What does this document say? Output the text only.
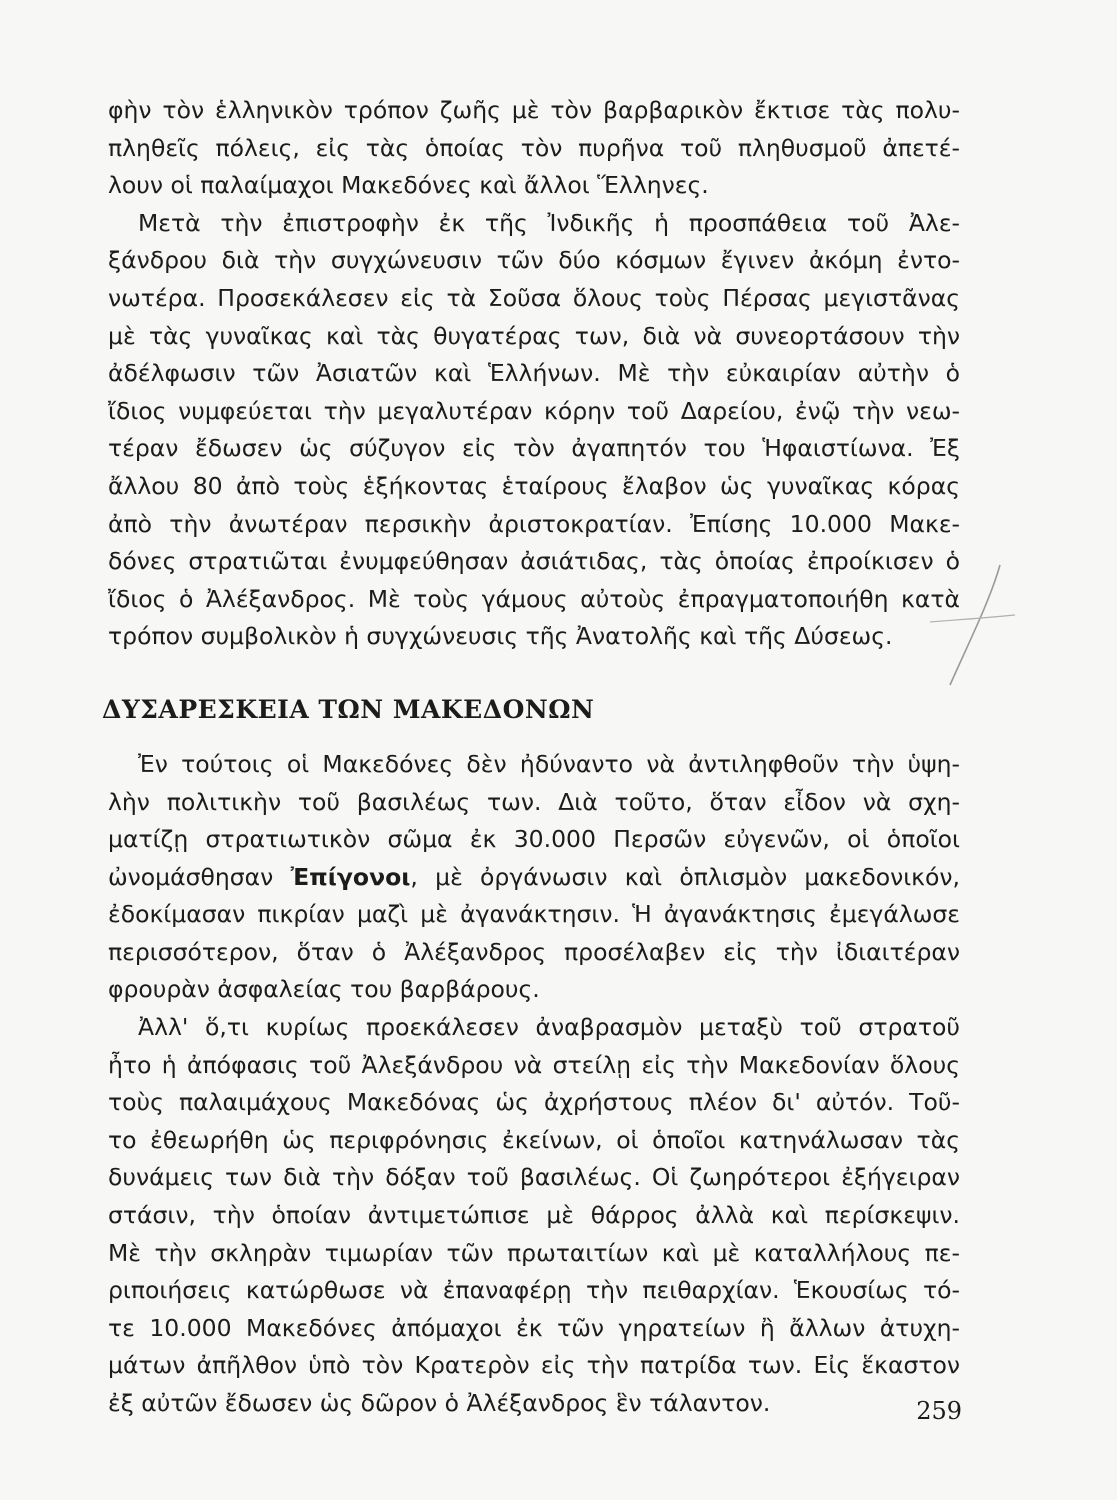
φὴν τὸν ἑλληνικὸν τρόπον ζωῆς μὲ τὸν βαρβαρικὸν ἔκτισε τὰς πολυ-
πληθεῖς πόλεις, εἰς τὰς ὁποίας τὸν πυρῆνα τοῦ πληθυσμοῦ ἀπετέ-
λουν οἱ παλαίμαχοι Μακεδόνες καὶ ἄλλοι Ἕλληνες.
Μετὰ τὴν ἐπιστροφὴν ἐκ τῆς Ἰνδικῆς ἡ προσπάθεια τοῦ Ἀλε-
ξάνδρου διὰ τὴν συγχώνευσιν τῶν δύο κόσμων ἔγινεν ἀκόμη ἐντο-
νωτέρα. Προσεκάλεσεν εἰς τὰ Σοῦσα ὅλους τοὺς Πέρσας μεγιστᾶνας
μὲ τὰς γυναῖκας καὶ τὰς θυγατέρας των, διὰ νὰ συνεορτάσουν τὴν
ἀδέλφωσιν τῶν Ἀσιατῶν καὶ Ἑλλήνων. Μὲ τὴν εὐκαιρίαν αὐτὴν ὁ
ἴδιος νυμφεύεται τὴν μεγαλυτέραν κόρην τοῦ Δαρείου, ἐνῷ τὴν νεω-
τέραν ἔδωσεν ὡς σύζυγον εἰς τὸν ἀγαπητόν του Ἡφαιστίωνα. Ἐξ
ἄλλου 80 ἀπὸ τοὺς ἑξήκοντας ἑταίρους ἔλαβον ὡς γυναῖκας κόρας
ἀπὸ τὴν ἀνωτέραν περσικὴν ἀριστοκρατίαν. Ἐπίσης 10.000 Μακε-
δόνες στρατιῶται ἐνυμφεύθησαν ἀσιάτιδας, τὰς ὁποίας ἐπροίκισεν ὁ
ἴδιος ὁ Ἀλέξανδρος. Μὲ τοὺς γάμους αὐτοὺς ἐπραγματοποιήθη κατὰ
τρόπον συμβολικὸν ἡ συγχώνευσις τῆς Ἀνατολῆς καὶ τῆς Δύσεως.
ΔΥΣΑΡΕΣΚΕΙΑ ΤΩΝ ΜΑΚΕΔΟΝΩΝ
Ἐν τούτοις οἱ Μακεδόνες δὲν ἠδύναντο νὰ ἀντιληφθοῦν τὴν ὑψη-
λὴν πολιτικὴν τοῦ βασιλέως των. Διὰ τοῦτο, ὅταν εἶδον νὰ σχη-
ματίζῃ στρατιωτικὸν σῶμα ἐκ 30.000 Περσῶν εὐγενῶν, οἱ ὁποῖοι
ὠνομάσθησαν Ἐπίγονοι, μὲ ὀργάνωσιν καὶ ὁπλισμὸν μακεδονικόν,
ἐδοκίμασαν πικρίαν μαζὶ μὲ ἀγανάκτησιν. Ἡ ἀγανάκτησις ἐμεγάλωσε
περισσότερον, ὅταν ὁ Ἀλέξανδρος προσέλαβεν εἰς τὴν ἰδιαιτέραν
φρουρὰν ἀσφαλείας του βαρβάρους.
Ἀλλ' ὅ,τι κυρίως προεκάλεσεν ἀναβρασμὸν μεταξὺ τοῦ στρατοῦ
ἦτο ἡ ἀπόφασις τοῦ Ἀλεξάνδρου νὰ στείλῃ εἰς τὴν Μακεδονίαν ὅλους
τοὺς παλαιμάχους Μακεδόνας ὡς ἀχρήστους πλέον δι' αὐτόν. Τοῦ-
το ἐθεωρήθη ὡς περιφρόνησις ἐκείνων, οἱ ὁποῖοι κατηνάλωσαν τὰς
δυνάμεις των διὰ τὴν δόξαν τοῦ βασιλέως. Οἱ ζωηρότεροι ἐξήγειραν
στάσιν, τὴν ὁποίαν ἀντιμετώπισε μὲ θάρρος ἀλλὰ καὶ περίσκεψιν.
Μὲ τὴν σκληρὰν τιμωρίαν τῶν πρωταιτίων καὶ μὲ καταλλήλους πε-
ριποιήσεις κατώρθωσε νὰ ἐπαναφέρῃ τὴν πειθαρχίαν. Ἑκουσίως τό-
τε 10.000 Μακεδόνες ἀπόμαχοι ἐκ τῶν γηρατείων ἢ ἄλλων ἀτυχη-
μάτων ἀπῆλθον ὑπὸ τὸν Κρατερὸν εἰς τὴν πατρίδα των. Εἰς ἕκαστον
ἐξ αὐτῶν ἔδωσεν ὡς δῶρον ὁ Ἀλέξανδρος ἓν τάλαντον.	259
